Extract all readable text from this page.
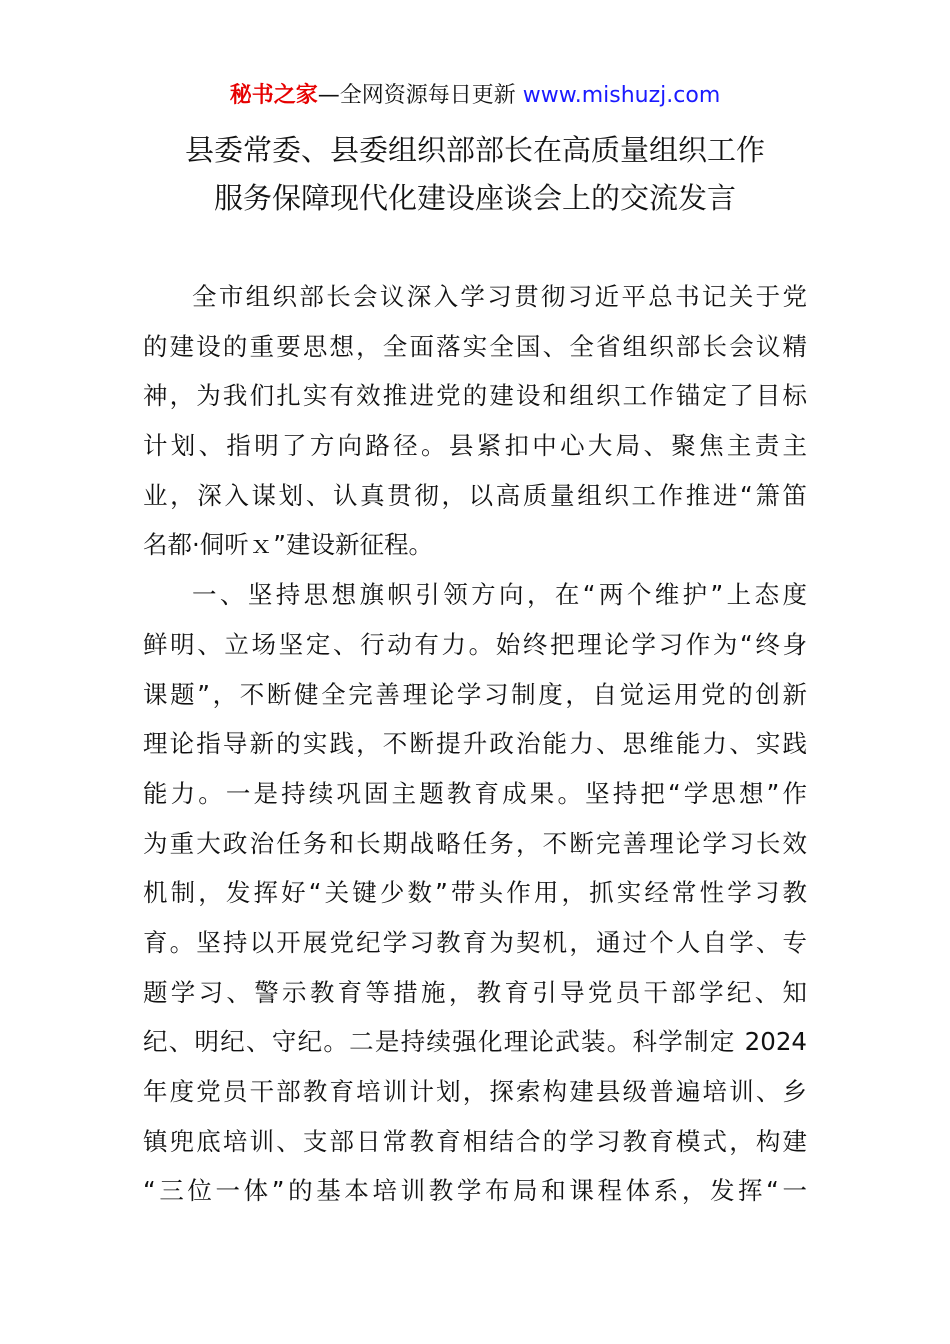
秘书之家—全网资源每日更新 www.mishuzj.com
县委常委、县委组织部部长在高质量组织工作
服务保障现代化建设座谈会上的交流发言
全市组织部长会议深入学习贯彻习近平总书记关于党
的建设的重要思想，全面落实全国、全省组织部长会议精
神，为我们扎实有效推进党的建设和组织工作锚定了目标
计划、指明了方向路径。县紧扣中心大局、聚焦主责主
业，深入谋划、认真贯彻，以高质量组织工作推进“箫笛
名都·侗听ｘ”建设新征程。
一、坚持思想旗帜引领方向，在“两个维护”上态度
鲜明、立场坚定、行动有力。始终把理论学习作为“终身
课题”，不断健全完善理论学习制度，自觉运用党的创新
理论指导新的实践，不断提升政治能力、思维能力、实践
能力。一是持续巩固主题教育成果。坚持把“学思想”作
为重大政治任务和长期战略任务，不断完善理论学习长效
机制，发挥好“关键少数”带头作用，抓实经常性学习教
育。坚持以开展党纪学习教育为契机，通过个人自学、专
题学习、警示教育等措施，教育引导党员干部学纪、知
纪、明纪、守纪。二是持续强化理论武装。科学制定 2024
年度党员干部教育培训计划，探索构建县级普遍培训、乡
镇兜底培训、支部日常教育相结合的学习教育模式，构建
“三位一体”的基本培训教学布局和课程体系，发挥“一
